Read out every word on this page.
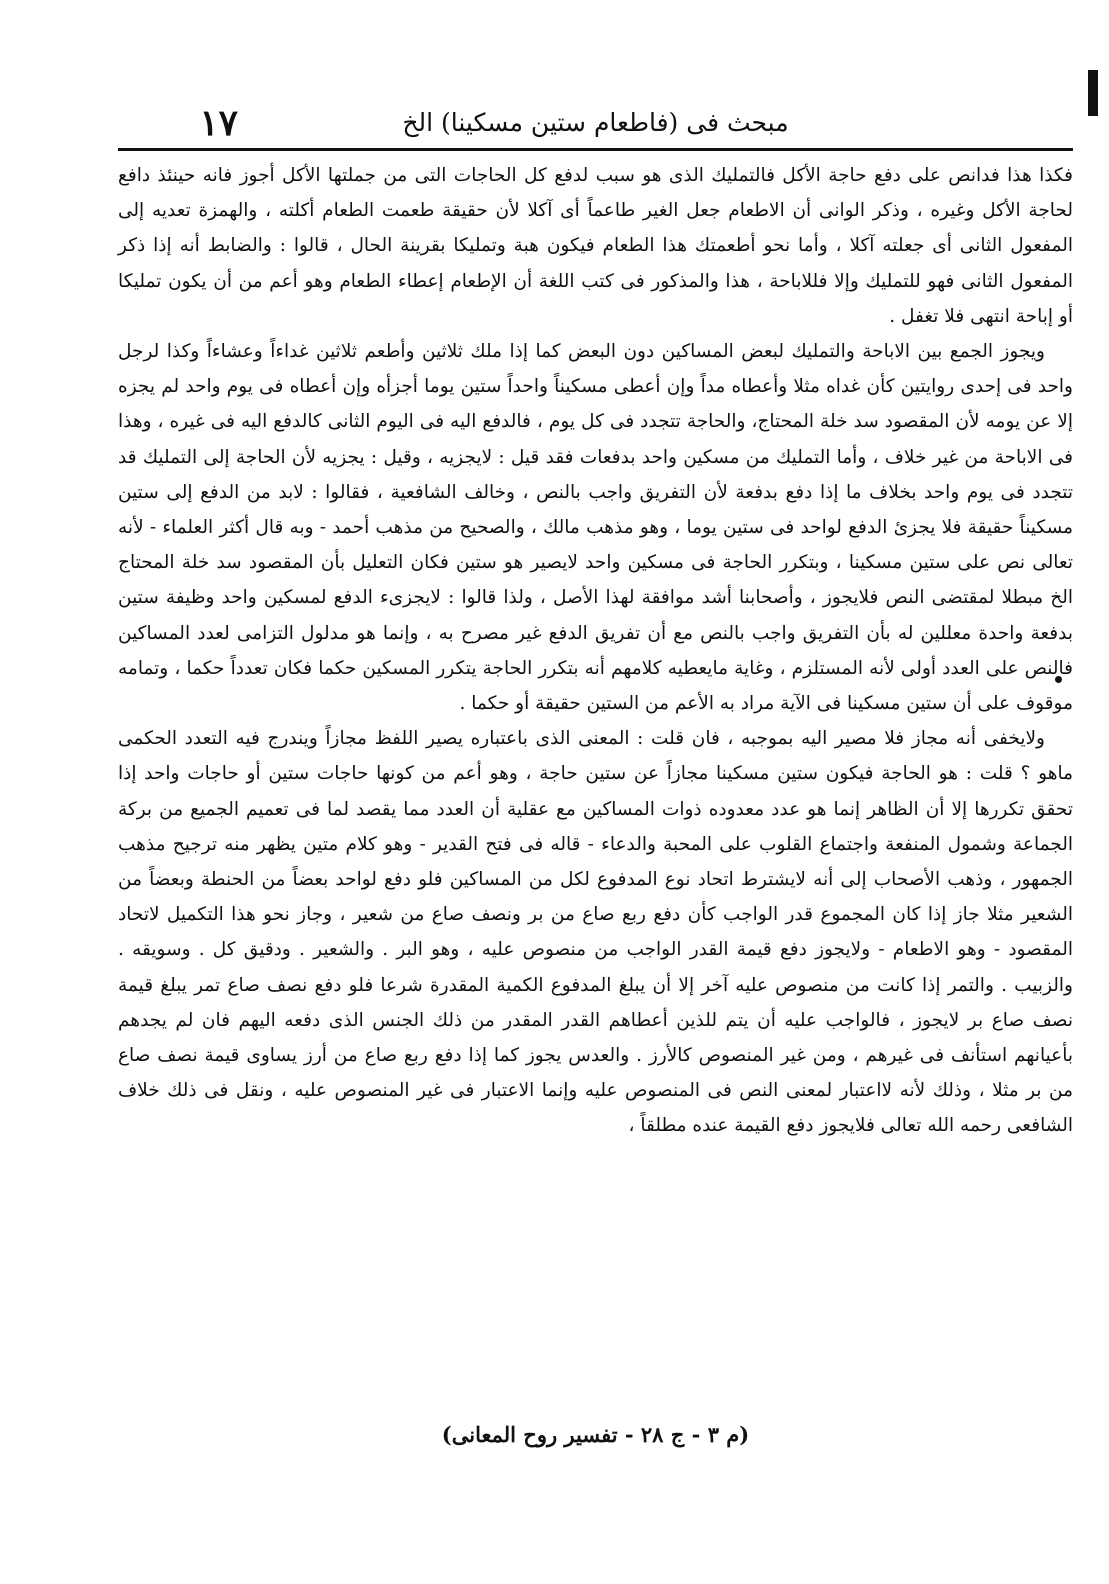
١٧	مبحث فى (فاطعام ستين مسكينا) الخ

فكذا هذا فدانص على دفع حاجة الأكل فالتمليك الذى هو سبب لدفع كل الحاجات التى من جملتها الأكل أجوز فانه حينئذ دافع لحاجة الأكل وغيره ، وذكر الوانى أن الاطعام جعل الغير طاعماً أى آكلا لأن حقيقة طعمت الطعام أكلته ، والهمزة تعديه إلى المفعول الثانى أى جعلته آكلا ، وأما نحو أطعمتك هذا الطعام فيكون هبة وتمليكا بقرينة الحال ، قالوا : والضابط أنه إذا ذكر المفعول الثانى فهو للتمليك وإلا فللاباحة ، هذا والمذكور فى كتب اللغة أن الإطعام إعطاء الطعام وهو أعم من أن يكون تمليكا أو إباحة انتهى فلا تغفل .

ويجوز الجمع بين الاباحة والتمليك لبعض المساكين دون البعض كما إذا ملك ثلاثين وأطعم ثلاثين غداءاً وعشاءاً وكذا لرجل واحد فى إحدى روايتين كأن غداه مثلا وأعطاه مداً وإن أعطى مسكيناً واحداً ستين يوما أجزأه وإن أعطاه فى يوم واحد لم يجزه إلا عن يومه لأن المقصود سد خلة المحتاج، والحاجة تتجدد فى كل يوم ، فالدفع اليه فى اليوم الثانى كالدفع اليه فى غيره ، وهذا فى الاباحة من غير خلاف ، وأما التمليك من مسكين واحد بدفعات فقد قيل : لايجزيه ، وقيل : يجزيه لأن الحاجة إلى التمليك قد تتجدد فى يوم واحد بخلاف ما إذا دفع بدفعة لأن التفريق واجب بالنص ، وخالف الشافعية ، فقالوا : لابد من الدفع إلى ستين مسكيناً حقيقة فلا يجزئ الدفع لواحد فى ستين يوما ، وهو مذهب مالك ، والصحيح من مذهب أحمد - وبه قال أكثر العلماء - لأنه تعالى نص على ستين مسكينا ، وبتكرر الحاجة فى مسكين واحد لايصير هو ستين فكان التعليل بأن المقصود سد خلة المحتاج الخ مبطلا لمقتضى النص فلايجوز ، وأصحابنا أشد موافقة لهذا الأصل ، ولذا قالوا : لايجزىء الدفع لمسكين واحد وظيفة ستين بدفعة واحدة معللين له بأن التفريق واجب بالنص مع أن تفريق الدفع غير مصرح به ، وإنما هو مدلول التزامى لعدد المساكين فالنص على العدد أولى لأنه المستلزم ، وغاية مايعطيه كلامهم أنه بتكرر الحاجة يتكرر المسكين حكما فكان تعدداً حكما ، وتمامه موقوف على أن ستين مسكينا فى الآية مراد به الأعم من الستين حقيقة أو حكما .

ولايخفى أنه مجاز فلا مصير اليه بموجبه ، فان قلت : المعنى الذى باعتباره يصير اللفظ مجازاً ويندرج فيه التعدد الحكمى ماهو ؟ قلت : هو الحاجة فيكون ستين مسكينا مجازاً عن ستين حاجة ، وهو أعم من كونها حاجات ستين أو حاجات واحد إذا تحقق تكررها إلا أن الظاهر إنما هو عدد معدوده ذوات المساكين مع عقلية أن العدد مما يقصد لما فى تعميم الجميع من بركة الجماعة وشمول المنفعة واجتماع القلوب على المحبة والدعاء - قاله فى فتح القدير - وهو كلام متين يظهر منه ترجيح مذهب الجمهور ، وذهب الأصحاب إلى أنه لايشترط اتحاد نوع المدفوع لكل من المساكين فلو دفع لواحد بعضاً من الحنطة وبعضاً من الشعير مثلا جاز إذا كان المجموع قدر الواجب كأن دفع ربع صاع من بر ونصف صاع من شعير ، وجاز نحو هذا التكميل لاتحاد المقصود - وهو الاطعام - ولايجوز دفع قيمة القدر الواجب من منصوص عليه ، وهو البر . والشعير . ودقيق كل . وسويقه . والزبيب . والتمر إذا كانت من منصوص عليه آخر إلا أن يبلغ المدفوع الكمية المقدرة شرعا فلو دفع نصف صاع تمر يبلغ قيمة نصف صاع بر لايجوز ، فالواجب عليه أن يتم للذين أعطاهم القدر المقدر من ذلك الجنس الذى دفعه اليهم فان لم يجدهم بأعيانهم استأنف فى غيرهم ، ومن غير المنصوص كالأرز . والعدس يجوز كما إذا دفع ربع صاع من أرز يساوى قيمة نصف صاع من بر مثلا ، وذلك لأنه لااعتبار لمعنى النص فى المنصوص عليه وإنما الاعتبار فى غير المنصوص عليه ، ونقل فى ذلك خلاف الشافعى رحمه الله تعالى فلايجوز دفع القيمة عنده مطلقاً ،

(م ٣ - ج ٢٨ - تفسير روح المعانى)
